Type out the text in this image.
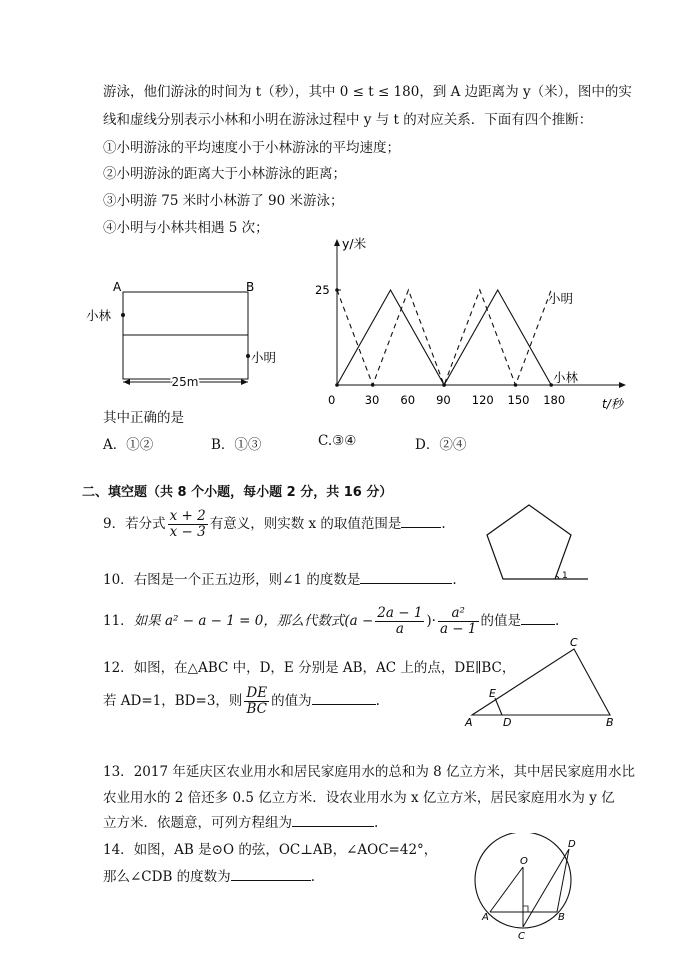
游泳，他们游泳的时间为 t（秒），其中 0 ≤ t ≤ 180，到 A 边距离为 y（米），图中的实
线和虚线分别表示小林和小明在游泳过程中 y 与 t 的对应关系．下面有四个推断：
①小明游泳的平均速度小于小林游泳的平均速度；
②小明游泳的距离大于小林游泳的距离；
③小明游 75 米时小林游了 90 米游泳；
④小明与小林共相遇 5 次；
A	B
小林
小明
25m
y/米
t/秒
0	30 60 90 120 150 180
25
小明
小林
其中正确的是
A．①②	B．①③	C.③④	D．②④
二、填空题（共 8 个小题，每小题 2 分，共 16 分）
9．若分式 $\frac{x + 2}{x - 3}$ 有意义，则实数 x 的取值范围是	.
1
10．右图是一个正五边形，则∠1 的度数是	.
11．如果 a² − a − 1 = 0，那么代数式($a - \frac{2a - 1}{a}$ )· $\frac{\text{a²}}{a - 1}$ 的值是	.
12．如图，在△ABC 中，D，E 分别是 AB，AC 上的点，DE∥BC，
若 AD=1，BD=3，则 $\frac{DE}{BC}$ 的值为	.
A	B
C
D
E
13．2017 年延庆区农业用水和居民家庭用水的总和为 8 亿立方米，其中居民家庭用水比
农业用水的 2 倍还多 0.5 亿立方米．设农业用水为 x 亿立方米，居民家庭用水为 y 亿
立方米．依题意，可列方程组为	.
14．如图，AB 是⊙O 的弦，OC⊥AB，∠AOC=42°，
那么∠CDB 的度数为	.
O
A	B
C
D
